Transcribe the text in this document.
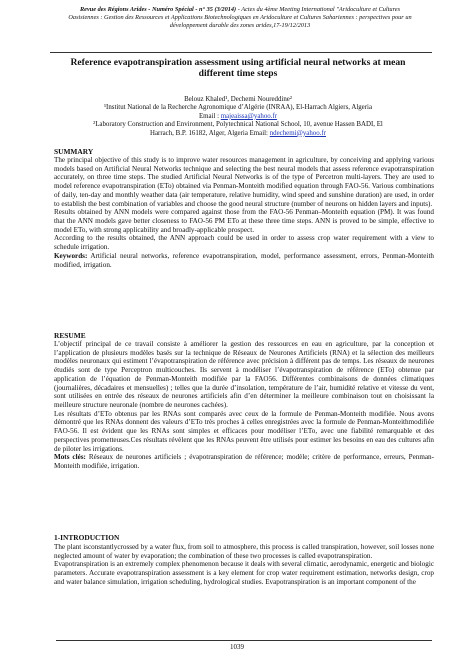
Revue des Régions Arides - Numéro Spécial - n° 35 (3/2014) - Actes du 4ème Meeting International ''Aridoculture et Cultures
Oasisiennes : Gestion des Ressources et Applications Biotechnologiques en Aridoculture et Cultures Sahariennes : perspectives pour un
développement durable des zones arides,17-19/12/2013
Reference evapotranspiration assessment using artificial neural networks at mean different time steps
Belouz Khaled¹, Dechemi Noureddine²
¹Institut National de la Recherche Agronomique d’Algérie (INRAA), El-Harrach Algiers, Algeria
Email : majeaissa@yahoo.fr
²Laboratory Construction and Environment, Polytechnical National School, 10, avenue Hassen BADI, El
Harrach, B.P. 16182, Alger, Algeria Email: ndechemi@yahoo.fr
SUMMARY

The principal objective of this study is to improve water resources management in agriculture, by conceiving and applying various models based on Artificial Neural Networks technique and selecting the best neural models that assess reference evapotranspiration accurately, on three time steps. The studied Artificial Neural Networks is of the type of Percetron multi-layers. They are used to model reference evapotranspiration (ETo) obtained via Penman-Monteith modified equation through FAO-56. Various combinations of daily, ten-day and monthly weather data (air temperature, relative humidity, wind speed and sunshine duration) are used, in order to establish the best combination of variables and choose the good neural structure (number of neurons on hidden layers and inputs).

Results obtained by ANN models were compared against those from the FAO-56 Penman–Monteith equation (PM). It was found that the ANN models gave better closeness to FAO-56 PM ETo at these three time steps. ANN is proved to be simple, effective to model ETo, with strong applicability and broadly-applicable prospect.

According to the results obtained, the ANN approach could be used in order to assess crop water requirement with a view to schedule irrigation.

Keywords: Artificial neural networks, reference evapotranspiration, model, performance assessment, errors, Penman-Monteith modified, irrigation.

RESUME

L’objectif principal de ce travail consiste à améliorer la gestion des ressources en eau en agriculture, par la conception et l’application de plusieurs modèles basés sur la technique de Réseaux de Neurones Artificiels (RNA) et la sélection des meilleurs modèles neuronaux qui estiment l’évapotranspiration de référence avec précision à différent pas de temps. Les réseaux de neurones étudiés sont de type Perceptron multicouches. Ils servent à modéliser l’évapotranspiration de référence (ETo) obtenue par application de l’équation de Penman-Monteith modifiée par la FAO56. Différentes combinaisons de données climatiques (journalières, décadaires et mensuelles) ; telles que la durée d’insolation, température de l’air, humidité relative et vitesse du vent, sont utilisées en entrée des réseaux de neurones artificiels afin d’en déterminer la meilleure combinaison tout en choisissant la meilleure structure neuronale (nombre de neurones cachées).

Les résultats d’ETo obtenus par les RNAs sont comparés avec ceux de la formule de Penman-Monteith modifiée. Nous avons démontré que les RNAs donnent des valeurs d’ETo très proches à celles enregistrées avec la formule de Penman-Monteithmodifiée FAO-56. Il est évident que les RNAs sont simples et efficaces pour modéliser l’ETo, avec une fiabilité remarquable et des perspectives prometteuses.Ces résultats révèlent que les RNAs peuvent être utilisés pour estimer les besoins en eau des cultures afin de piloter les irrigations.

Mots clés: Réseaux de neurones artificiels ; évapotranspiration de référence; modèle; critère de performance, erreurs, Penman-Monteith modifiée, irrigation.

1-INTRODUCTION

The plant isconstantlycrossed by a water flux, from soil to atmosphere, this process is called transpiration, however, soil losses none neglected amount of water by evaporation; the combination of these two processes is called evapotranspiration.

Evapotranspiration is an extremely complex phenomenon because it deals with several climatic, aerodynamic, energetic and biologic parameters. Accurate evapotranspiration assessment is a key element for crop water requirement estimation, networks design, crop and water balance simulation, irrigation scheduling, hydrological studies. Evapotranspiration is an important component of the

1039
